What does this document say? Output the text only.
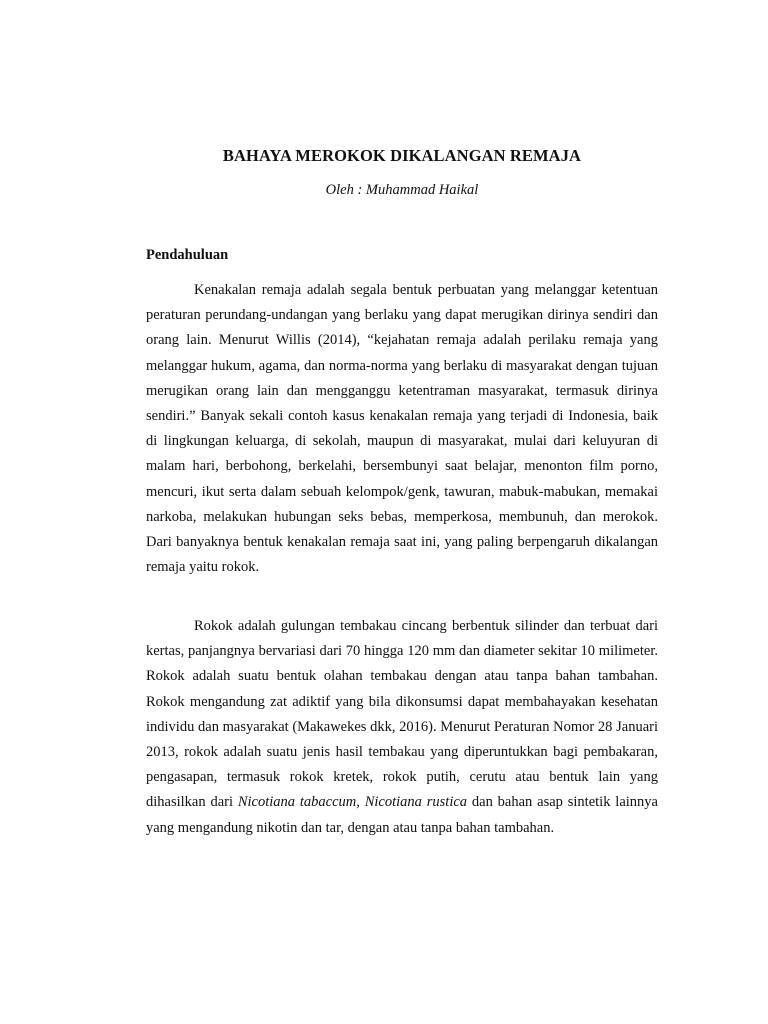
BAHAYA MEROKOK DIKALANGAN REMAJA
Oleh : Muhammad Haikal
Pendahuluan

Kenakalan remaja adalah segala bentuk perbuatan yang melanggar ketentuan peraturan perundang-undangan yang berlaku yang dapat merugikan dirinya sendiri dan orang lain. Menurut Willis (2014), “kejahatan remaja adalah perilaku remaja yang melanggar hukum, agama, dan norma-norma yang berlaku di masyarakat dengan tujuan merugikan orang lain dan mengganggu ketentraman masyarakat, termasuk dirinya sendiri.” Banyak sekali contoh kasus kenakalan remaja yang terjadi di Indonesia, baik di lingkungan keluarga, di sekolah, maupun di masyarakat, mulai dari keluyuran di malam hari, berbohong, berkelahi, bersembunyi saat belajar, menonton film porno, mencuri, ikut serta dalam sebuah kelompok/genk, tawuran, mabuk-mabukan, memakai narkoba, melakukan hubungan seks bebas, memperkosa, membunuh, dan merokok. Dari banyaknya bentuk kenakalan remaja saat ini, yang paling berpengaruh dikalangan remaja yaitu rokok.

Rokok adalah gulungan tembakau cincang berbentuk silinder dan terbuat dari kertas, panjangnya bervariasi dari 70 hingga 120 mm dan diameter sekitar 10 milimeter. Rokok adalah suatu bentuk olahan tembakau dengan atau tanpa bahan tambahan. Rokok mengandung zat adiktif yang bila dikonsumsi dapat membahayakan kesehatan individu dan masyarakat (Makawekes dkk, 2016). Menurut Peraturan Nomor 28 Januari 2013, rokok adalah suatu jenis hasil tembakau yang diperuntukkan bagi pembakaran, pengasapan, termasuk rokok kretek, rokok putih, cerutu atau bentuk lain yang dihasilkan dari Nicotiana tabaccum, Nicotiana rustica dan bahan asap sintetik lainnya yang mengandung nikotin dan tar, dengan atau tanpa bahan tambahan.
